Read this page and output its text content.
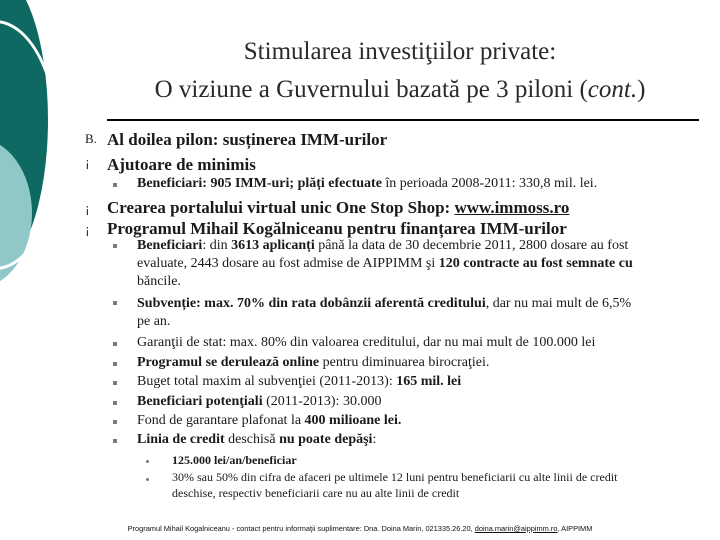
Stimularea investiţiilor private:
O viziune a Guvernului bazată pe 3 piloni (cont.)
B. Al doilea pilon: susținerea IMM-urilor
¡ Ajutoare de minimis
Beneficiari: 905 IMM-uri; plăți efectuate în perioada 2008-2011: 330,8 mil. lei.
¡ Crearea portalului virtual unic One Stop Shop: www.immoss.ro
¡ Programul Mihail Kogălniceanu pentru finanțarea IMM-urilor
Beneficiari: din 3613 aplicanți până la data de 30 decembrie 2011, 2800 dosare au fost
evaluate, 2443 dosare au fost admise de AIPPIMM şi 120 contracte au fost semnate cu
băncile.
Subvenție: max. 70% din rata dobânzii aferentă creditului, dar nu mai mult de 6,5%
pe an.
Garanţii de stat: max. 80% din valoarea creditului, dar nu mai mult de 100.000 lei
Programul se derulează online pentru diminuarea birocraţiei.
Buget total maxim al subvenţiei (2011-2013): 165 mil. lei
Beneficiari potenţiali (2011-2013): 30.000
Fond de garantare plafonat la 400 milioane lei.
Linia de credit deschisă nu poate depăşi:
125.000 lei/an/beneficiar
30% sau 50% din cifra de afaceri pe ultimele 12 luni pentru beneficiarii cu alte linii de credit
deschise, respectiv beneficiarii care nu au alte linii de credit
Programul Mihail Kogalniceanu - contact pentru informaţii suplimentare: Dna. Doina Marin, 021335.26.20, doina.marin@aippimm.ro, AIPPIMM
